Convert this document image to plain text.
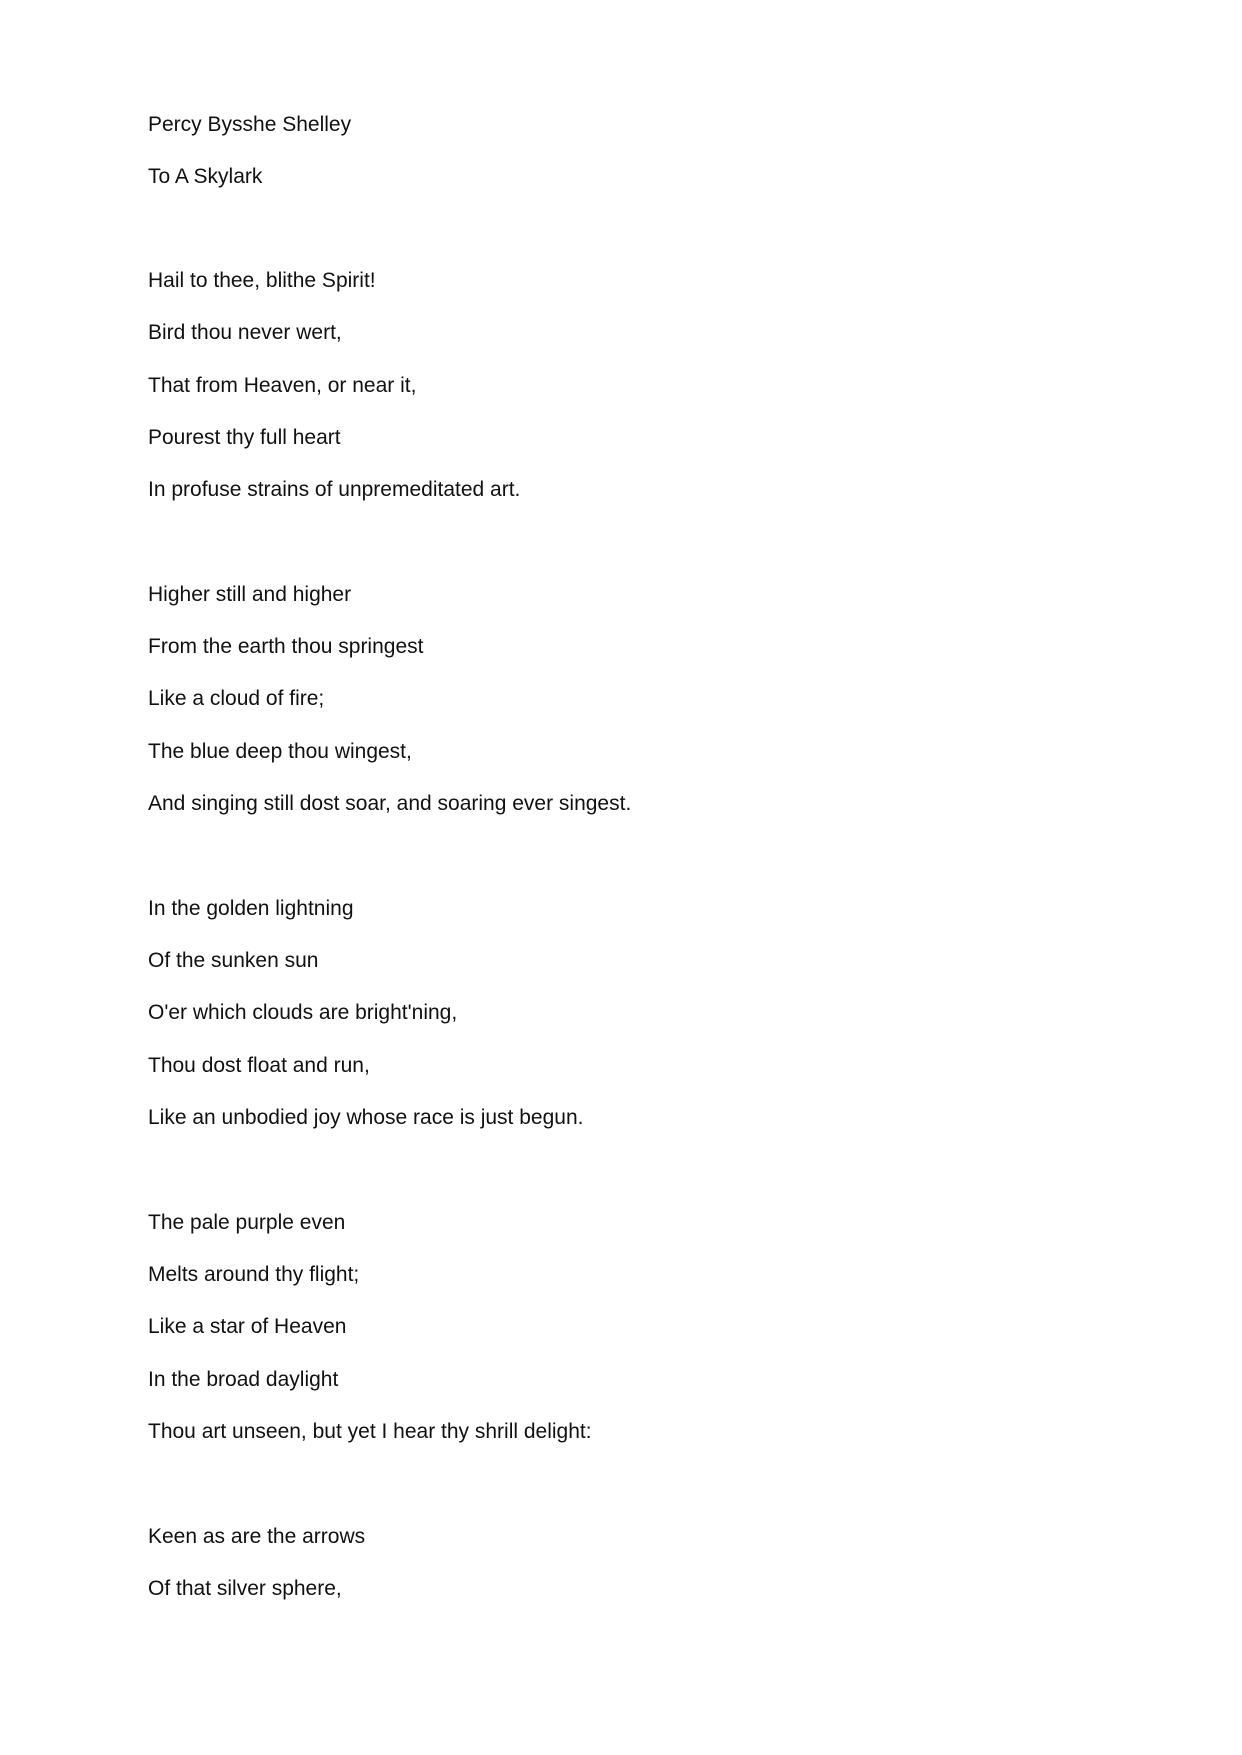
Percy Bysshe Shelley

To A Skylark

Hail to thee, blithe Spirit!

Bird thou never wert,

That from Heaven, or near it,

Pourest thy full heart

In profuse strains of unpremeditated art.

Higher still and higher

From the earth thou springest

Like a cloud of fire;

The blue deep thou wingest,

And singing still dost soar, and soaring ever singest.

In the golden lightning

Of the sunken sun

O'er which clouds are bright'ning,

Thou dost float and run,

Like an unbodied joy whose race is just begun.

The pale purple even

Melts around thy flight;

Like a star of Heaven

In the broad daylight

Thou art unseen, but yet I hear thy shrill delight:

Keen as are the arrows

Of that silver sphere,
